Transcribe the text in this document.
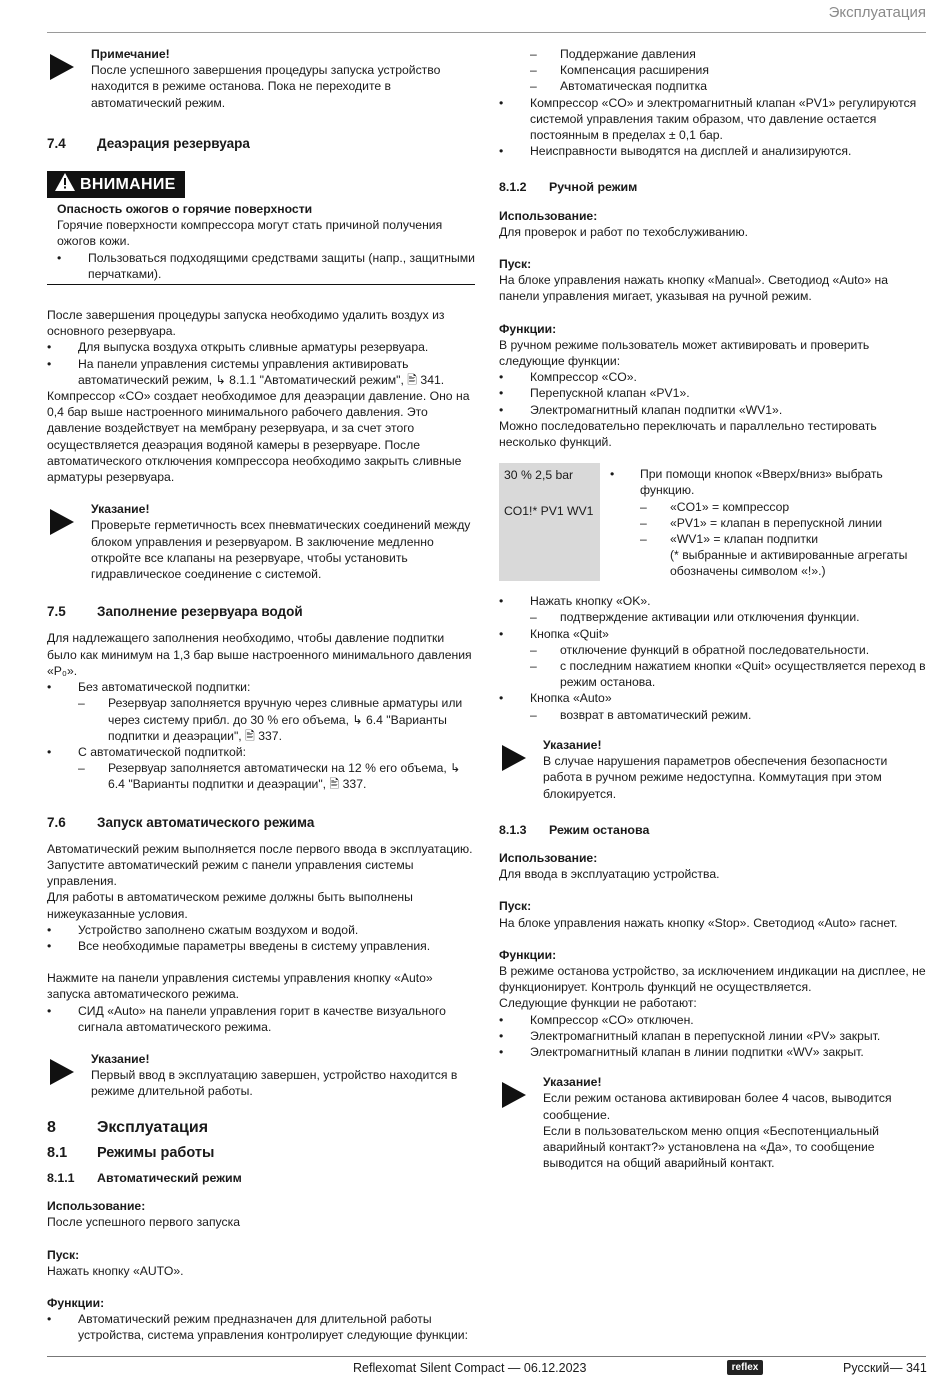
Эксплуатация

Примечание!

После успешного завершения процедуры запуска устройство находится в режиме останова. Пока не переходите в автоматический режим.

7.4	Деаэрация резервуара
ВНИМАНИЕ

Опасность ожогов о горячие поверхности

Горячие поверхности компрессора могут стать причиной получения ожогов кожи.

•	Пользоваться подходящими средствами защиты (напр., защитными перчатками).

После завершения процедуры запуска необходимо удалить воздух из основного резервуара.

•	Для выпуска воздуха открыть сливные арматуры резервуара.

•	На панели управления системы управления активировать автоматический режим, ↳ 8.1.1 "Автоматический режим", 🖹 341.

Компрессор «CO» создает необходимое для деаэрации давление. Оно на 0,4 бар выше настроенного минимального рабочего давления. Это давление воздействует на мембрану резервуара, и за счет этого осуществляется деаэрация водяной камеры в резервуаре. После автоматического отключения компрессора необходимо закрыть сливные арматуры резервуара.

Указание!

Проверьте герметичность всех пневматических соединений между блоком управления и резервуаром. В заключение медленно откройте все клапаны на резервуаре, чтобы установить гидравлическое соединение с системой.

7.5	Заполнение резервуара водой

Для надлежащего заполнения необходимо, чтобы давление подпитки было как минимум на 1,3 бар выше настроенного минимального давления «P₀».

•	Без автоматической подпитки:

– Резервуар заполняется вручную через сливные арматуры или через систему прибл. до 30 % его объема, ↳ 6.4 "Варианты подпитки и деаэрации", 🖹 337.

•	С автоматической подпиткой:

– Резервуар заполняется автоматически на 12 % его объема, ↳ 6.4 "Варианты подпитки и деаэрации", 🖹 337.

7.6	Запуск автоматического режима

Автоматический режим выполняется после первого ввода в эксплуатацию. Запустите автоматический режим с панели управления системы управления.

Для работы в автоматическом режиме должны быть выполнены нижеуказанные условия.

•	Устройство заполнено сжатым воздухом и водой.

•	Все необходимые параметры введены в систему управления.

Нажмите на панели управления системы управления кнопку «Auto» запуска автоматического режима.

•	СИД «Auto» на панели управления горит в качестве визуального сигнала автоматического режима.

Указание!

Первый ввод в эксплуатацию завершен, устройство находится в режиме длительной работы.

8	Эксплуатация
8.1	Режимы работы
8.1.1	Автоматический режим

Использование:

После успешного первого запуска

Пуск:

Нажать кнопку «AUTO».

Функции:

•	Автоматический режим предназначен для длительной работы устройства, система управления контролирует следующие функции:

– Поддержание давления

– Компенсация расширения

– Автоматическая подпитка

•	Компрессор «CO» и электромагнитный клапан «PV1» регулируются системой управления таким образом, что давление остается постоянным в пределах ± 0,1 бар.

•	Неисправности выводятся на дисплей и анализируются.

8.1.2	Ручной режим

Использование:

Для проверок и работ по техобслуживанию.

Пуск:

На блоке управления нажать кнопку «Manual». Светодиод «Auto» на панели управления мигает, указывая на ручной режим.

Функции:

В ручном режиме пользователь может активировать и проверить следующие функции:

•	Компрессор «CO».

•	Перепускной клапан «PV1».

•	Электромагнитный клапан подпитки «WV1».

Можно последовательно переключать и параллельно тестировать несколько функций.

30 % 2,5 bar

CO1!* PV1 WV1

•	При помощи кнопок «Вверх/вниз» выбрать функцию.

– «CO1» = компрессор

– «PV1» = клапан в перепускной линии

– «WV1» = клапан подпитки

(* выбранные и активированные агрегаты обозначены символом «!».)

•	Нажать кнопку «OK».

– подтверждение активации или отключения функции.

•	Кнопка «Quit»

– отключение функций в обратной последовательности.

– с последним нажатием кнопки «Quit» осуществляется переход в режим останова.

•	Кнопка «Auto»

– возврат в автоматический режим.

Указание!

В случае нарушения параметров обеспечения безопасности работа в ручном режиме недоступна. Коммутация при этом блокируется.

8.1.3	Режим останова

Использование:

Для ввода в эксплуатацию устройства.

Пуск:

На блоке управления нажать кнопку «Stop». Светодиод «Auto» гаснет.

Функции:

В режиме останова устройство, за исключением индикации на дисплее, не функционирует. Контроль функций не осуществляется.

Следующие функции не работают:

•	Компрессор «CO» отключен.

•	Электромагнитный клапан в перепускной линии «PV» закрыт.

•	Электромагнитный клапан в линии подпитки «WV» закрыт.

Указание!

Если режим останова активирован более 4 часов, выводится сообщение.

Если в пользовательском меню опция «Беспотенциальный аварийный контакт?» установлена на «Да», то сообщение выводится на общий аварийный контакт.

Reflexomat Silent Compact — 06.12.2023	reflex	Русский — 341
